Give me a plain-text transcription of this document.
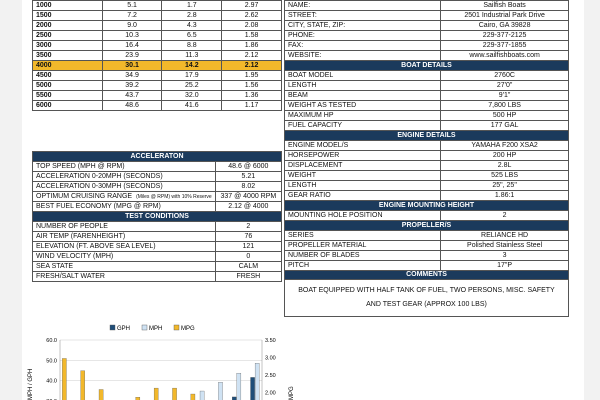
1000	5.1	1.7	2.97
1500	7.2	2.8	2.62
2000	9.0	4.3	2.08
2500	10.3	6.5	1.58
3000	16.4	8.8	1.86
3500	23.9	11.3	2.12
4000	30.1	14.2	2.12
4500	34.9	17.9	1.95
5000	39.2	25.2	1.56
5500	43.7	32.0	1.36
6000	48.6	41.6	1.17
ACCELERATON	
TOP SPEED (MPH @ RPM)	48.6 @ 6000
ACCELERATION 0-20MPH (SECONDS)	5.21
ACCELERATION 0-30MPH (SECONDS)	8.02
OPTIMUM CRUISING RANGE (Miles @ RPM) with 10% Reserve	337 @ 4000 RPM
BEST FUEL ECONOMY (MPG @ RPM)	2.12 @ 4000
TEST CONDITIONS	
NUMBER OF PEOPLE	2
AIR TEMP (FARENHEIGHT)	76
ELEVATION (FT. ABOVE SEA LEVEL)	121
WIND VELOCITY (MPH)	0
SEA STATE	CALM
FRESH/SALT WATER	FRESH
NAME:	Sailfish Boats
STREET:	2501 Industrial Park Drive
CITY, STATE, ZIP:	Cairo, GA 39828
PHONE:	229-377-2125
FAX:	229-377-1855
WEBSITE:	www.sailfishboats.com
BOAT DETAILS	
BOAT MODEL	2760C
LENGTH	27'0"
BEAM	9'1"
WEIGHT AS TESTED	7,800 LBS
MAXIMUM HP	500 HP
FUEL CAPACITY	177 GAL
ENGINE DETAILS	
ENGINE MODEL/S	YAMAHA F200 XSA2
HORSEPOWER	200 HP
DISPLACEMENT	2.8L
WEIGHT	525 LBS
LENGTH	25", 25"
GEAR RATIO	1.86:1
ENGINE MOUNTING HEIGHT	
MOUNTING HOLE POSITION	2
PROPELLER/S	
SERIES	RELIANCE HD
PROPELLER MATERIAL	Polished Stainless Steel
NUMBER OF BLADES	3
PITCH	17"P
COMMENTS	
BOAT EQUIPPED WITH HALF TANK OF FUEL, TWO PERSONS, MISC. SAFETY AND TEST GEAR (APPROX 100 LBS)	
GPH	MPH	MPG
60.0
50.0
40.0
3.50
3.00
2.50
2.00
MPH / GPH	MPG
